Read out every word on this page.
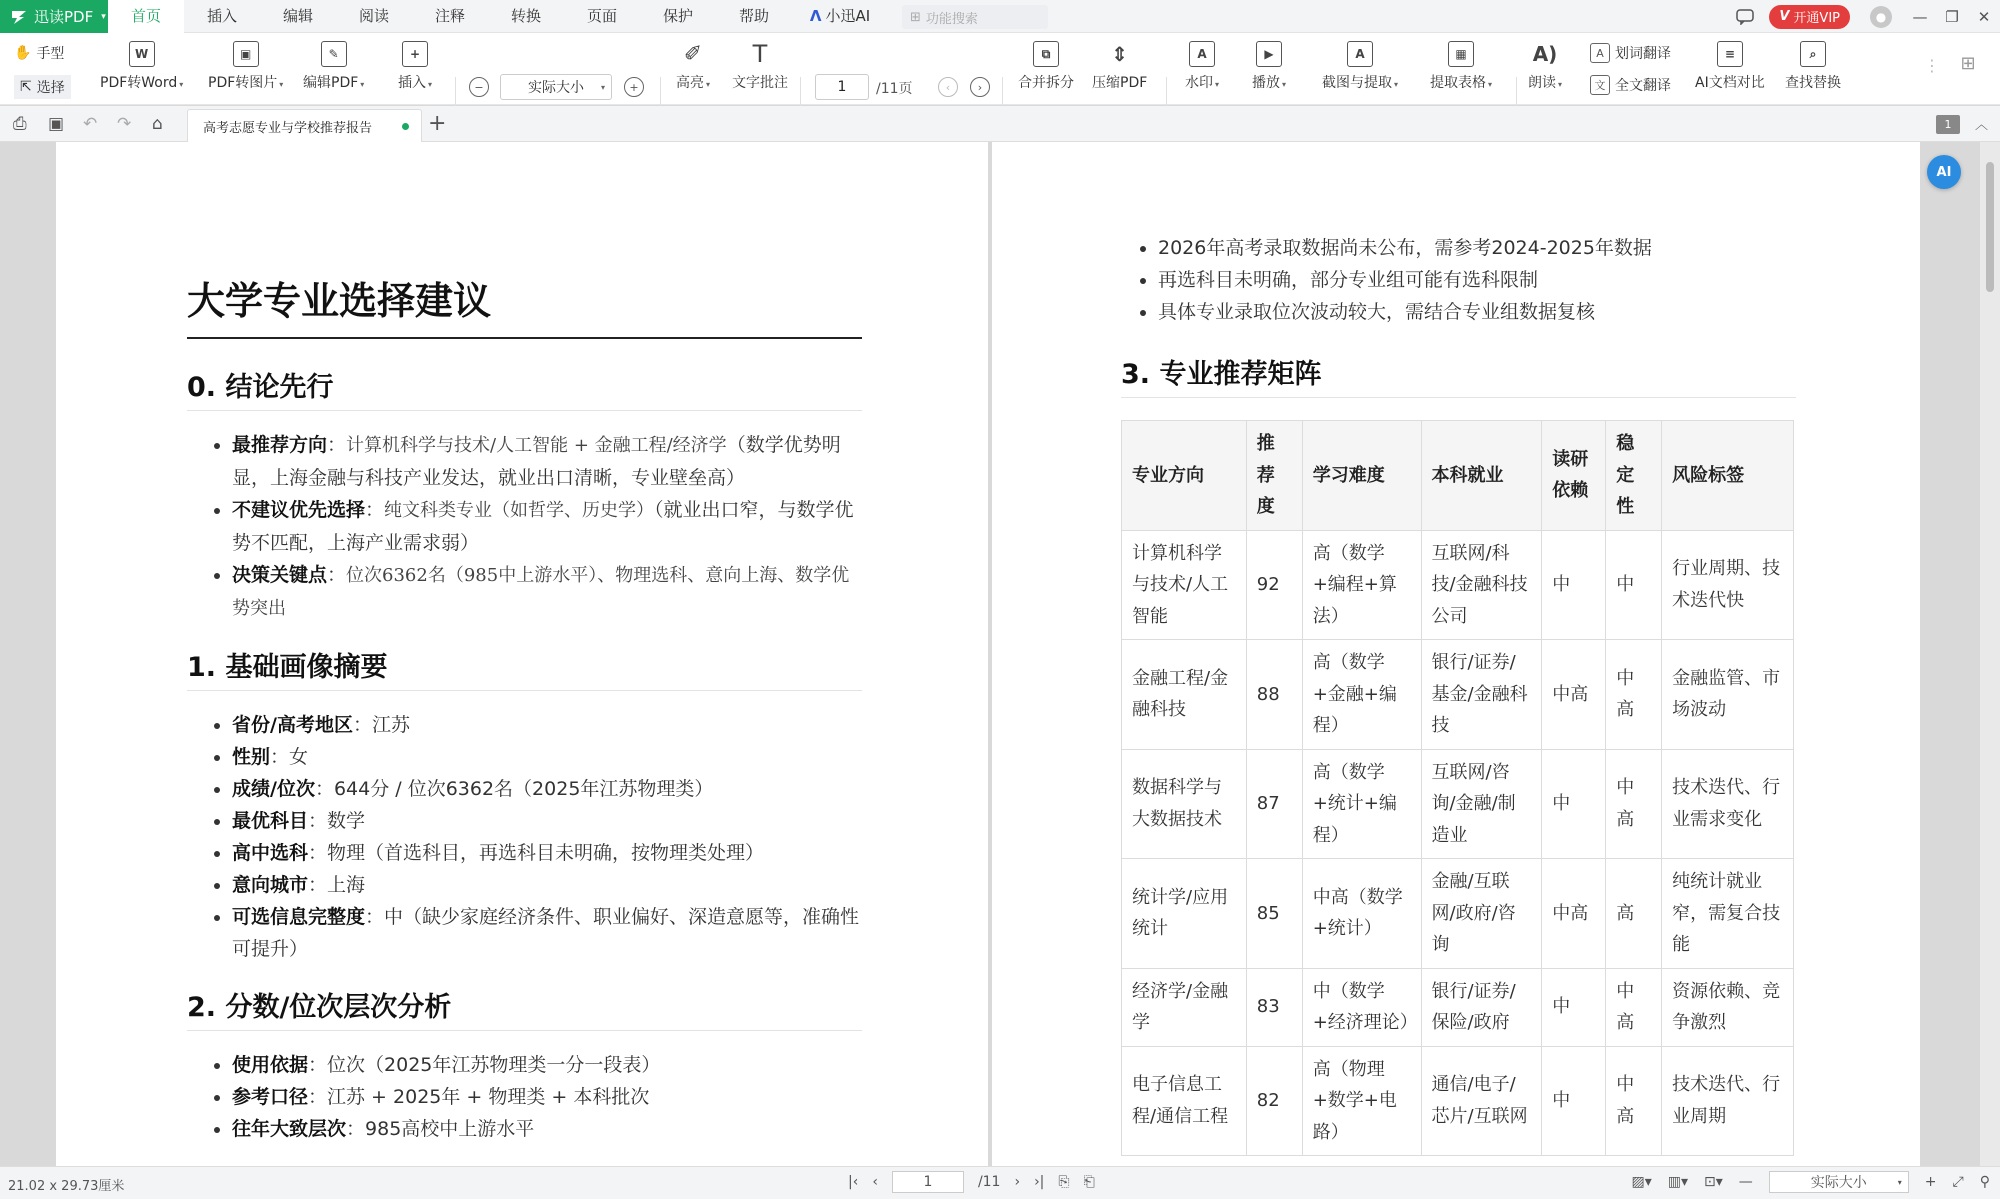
迅读PDF ▾	首页	插入	编辑	阅读	注释	转换	页面	保护	帮助	Λ 小迅AI	⊞ 功能搜索	V 开通VIP	●	—	❐	✕
✋ 手型
⇱ 选择
W
PDF转Word ▾
▣
PDF转图片 ▾
✎
编辑PDF ▾
+
插入 ▾	−	实际大小 ▾	+
✐
高亮 ▾
T
文字批注	1 /11页	‹	›
⧉
合并拆分
⇕
压缩PDF
A
水印 ▾
▶
播放 ▾
A
截图与提取 ▾
▦
提取表格 ▾
A)
朗读 ▾
A 划词翻译
文 全文翻译
≡
AI文档对比
⌕
查找替换
⋮ ⊞
⎙ ▣ ↶ ↷ ⌂	高考志愿专业与学校推荐报告	+	1	︿
大学专业选择建议
0. 结论先行
• 最推荐方向：计算机科学与技术/人工智能 + 金融工程/经济学（数学优势明显，上海金融与科技产业发达，就业出口清晰，专业壁垒高）
• 不建议优先选择：纯文科类专业（如哲学、历史学）（就业出口窄，与数学优势不匹配，上海产业需求弱）
• 决策关键点：位次6362名（985中上游水平）、物理选科、意向上海、数学优势突出
1. 基础画像摘要
• 省份/高考地区：江苏
• 性别：女
• 成绩/位次：644分 / 位次6362名（2025年江苏物理类）
• 最优科目：数学
• 高中选科：物理（首选科目，再选科目未明确，按物理类处理）
• 意向城市：上海
• 可选信息完整度：中（缺少家庭经济条件、职业偏好、深造意愿等，准确性可提升）
2. 分数/位次层次分析
• 使用依据：位次（2025年江苏物理类一分一段表）
• 参考口径：江苏 + 2025年 + 物理类 + 本科批次
• 往年大致层次：985高校中上游水平
• 2026年高考录取数据尚未公布，需参考2024-2025年数据
• 再选科目未明确，部分专业组可能有选科限制
• 具体专业录取位次波动较大，需结合专业组数据复核
3. 专业推荐矩阵
专业方向	推荐度	学习难度	本科就业	读研依赖	稳定性	风险标签
计算机科学与技术/人工智能	92	高（数学+编程+算法）	互联网/科技/金融科技公司	中	中	行业周期、技术迭代快
金融工程/金融科技	88	高（数学+金融+编程）	银行/证券/基金/金融科技	中高	中高	金融监管、市场波动
数据科学与大数据技术	87	高（数学+统计+编程）	互联网/咨询/金融/制造业	中	中高	技术迭代、行业需求变化
统计学/应用统计	85	中高（数学+统计）	金融/互联网/政府/咨询	中高	高	纯统计就业窄，需复合技能
经济学/金融学	83	中（数学+经济理论）	银行/证券/保险/政府	中	中高	资源依赖、竞争激烈
电子信息工程/通信工程	82	高（物理+数学+电路）	通信/电子/芯片/互联网	中	中高	技术迭代、行业周期
AI
21.02 x 29.73厘米	|‹ ‹	1	/11 › ›| ⎘ ⎗	▨▾ ▥▾ ⊡▾ —	实际大小	▾ + ⤢ ⚲
